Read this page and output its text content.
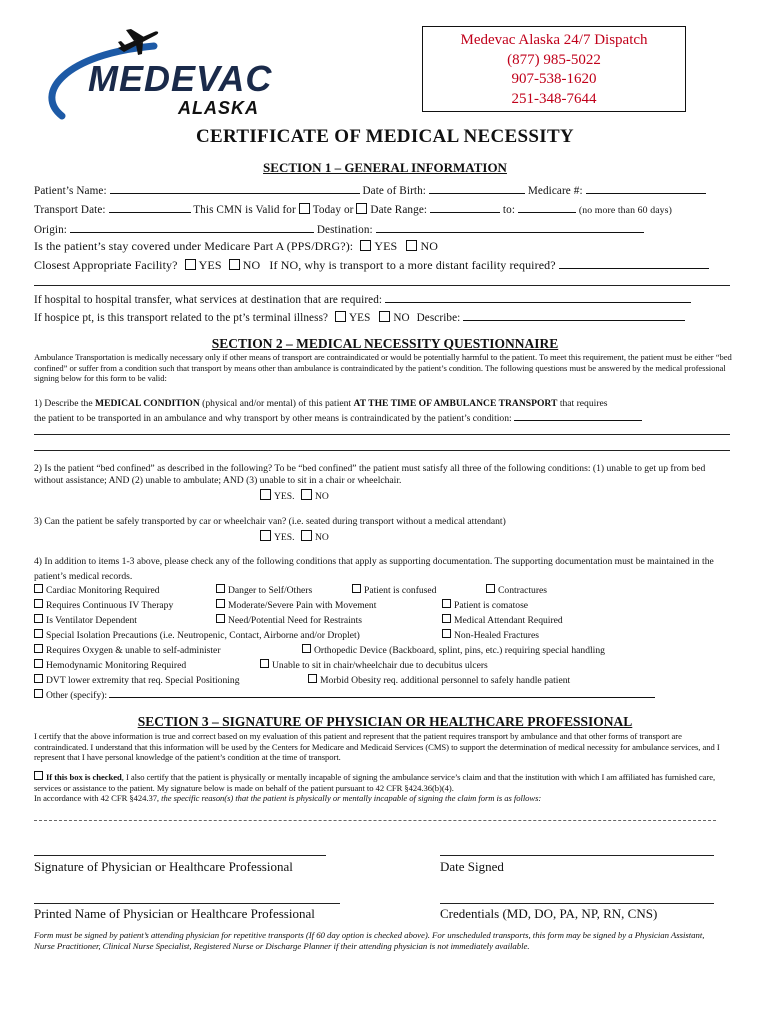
MEDEVAC
ALASKA
Medevac Alaska 24/7 Dispatch
(877) 985-5022
907-538-1620
251-348-7644
CERTIFICATE OF MEDICAL NECESSITY
SECTION 1 – GENERAL INFORMATION
Patient’s Name:	Date of Birth:	Medicare #:
Transport Date:	This CMN is Valid for Today or Date Range:	to:	(no more than 60 days)
Origin:	Destination:
Is the patient’s stay covered under Medicare Part A (PPS/DRG?): YES NO
Closest Appropriate Facility? YES NO If NO, why is transport to a more distant facility required?
If hospital to hospital transfer, what services at destination that are required:
If hospice pt, is this transport related to the pt’s terminal illness? YES NO Describe:
SECTION 2 – MEDICAL NECESSITY QUESTIONNAIRE
Ambulance Transportation is medically necessary only if other means of transport are contraindicated or would be potentially harmful to the patient. To meet this requirement, the patient must be either “bed confined” or suffer from a condition such that transport by means other than ambulance is contraindicated by the patient’s condition. The following questions must be answered by the medical professional signing below for this form to be valid:
1) Describe the MEDICAL CONDITION (physical and/or mental) of this patient AT THE TIME OF AMBULANCE TRANSPORT that requires
the patient to be transported in an ambulance and why transport by other means is contraindicated by the patient’s condition:
2) Is the patient “bed confined” as described in the following? To be “bed confined” the patient must satisfy all three of the following conditions: (1) unable to get up from bed without assistance; AND (2) unable to ambulate; AND (3) unable to sit in a chair or wheelchair.
YES. NO
3) Can the patient be safely transported by car or wheelchair van? (i.e. seated during transport without a medical attendant)
YES. NO
4) In addition to items 1-3 above, please check any of the following conditions that apply as supporting documentation. The supporting documentation must be maintained in the patient’s medical records.
Cardiac Monitoring Required	Danger to Self/Others	Patient is confused	Contractures
Requires Continuous IV Therapy	Moderate/Severe Pain with Movement	Patient is comatose
Is Ventilator Dependent	Need/Potential Need for Restraints	Medical Attendant Required
Special Isolation Precautions (i.e. Neutropenic, Contact, Airborne and/or Droplet)	Non-Healed Fractures
Requires Oxygen & unable to self-administer	Orthopedic Device (Backboard, splint, pins, etc.) requiring special handling
Hemodynamic Monitoring Required	Unable to sit in chair/wheelchair due to decubitus ulcers
DVT lower extremity that req. Special Positioning	Morbid Obesity req. additional personnel to safely handle patient
Other (specify):
SECTION 3 – SIGNATURE OF PHYSICIAN OR HEALTHCARE PROFESSIONAL
I certify that the above information is true and correct based on my evaluation of this patient and represent that the patient requires transport by ambulance and that other forms of transport are contraindicated. I understand that this information will be used by the Centers for Medicare and Medicaid Services (CMS) to support the determination of medical necessity for ambulance services, and I represent that I have personal knowledge of the patient’s condition at the time of transport.
If this box is checked, I also certify that the patient is physically or mentally incapable of signing the ambulance service’s claim and that the institution with which I am affiliated has furnished care, services or assistance to the patient. My signature below is made on behalf of the patient pursuant to 42 CFR §424.36(b)(4).
In accordance with 42 CFR §424.37, the specific reason(s) that the patient is physically or mentally incapable of signing the claim form is as follows:
Signature of Physician or Healthcare Professional	Date Signed
Printed Name of Physician or Healthcare Professional	Credentials (MD, DO, PA, NP, RN, CNS)
Form must be signed by patient’s attending physician for repetitive transports (If 60 day option is checked above). For unscheduled transports, this form may be signed by a Physician Assistant, Nurse Practitioner, Clinical Nurse Specialist, Registered Nurse or Discharge Planner if their attending physician is not immediately available.
